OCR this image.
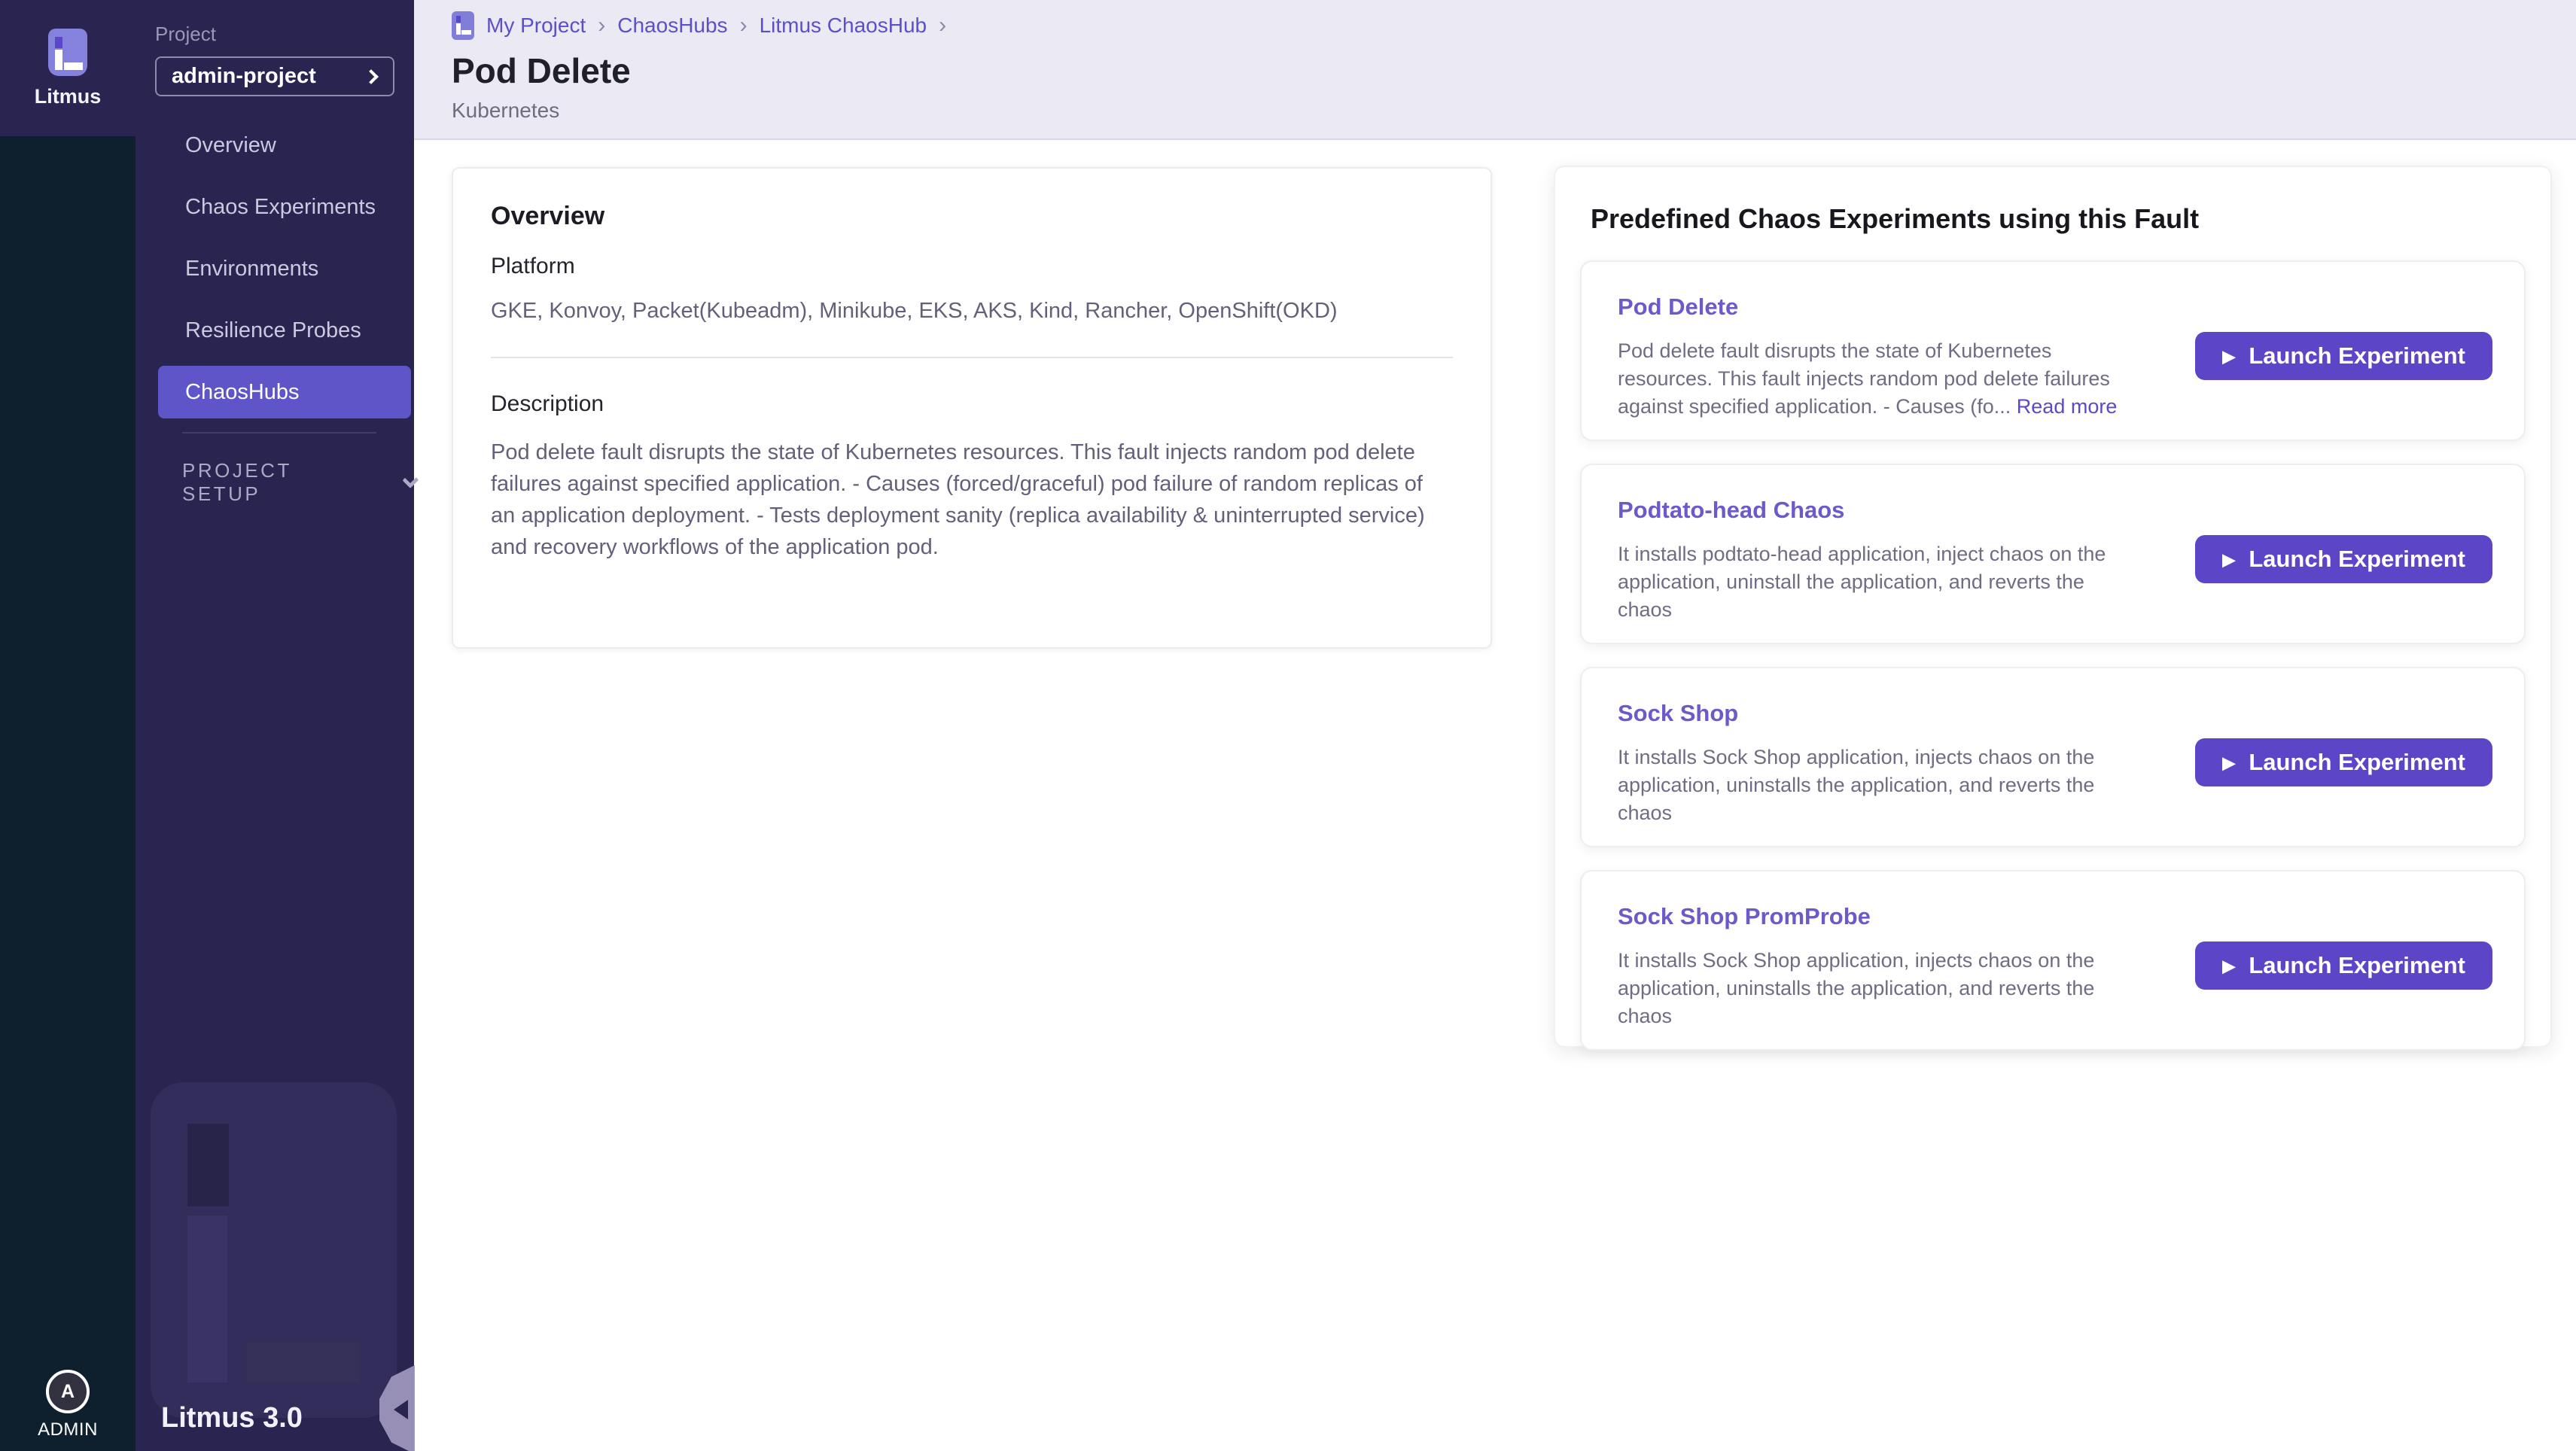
Litmus
A
ADMIN
Project
admin-project
Overview
Chaos Experiments
Environments
Resilience Probes
ChaosHubs
PROJECT SETUP
Litmus 3.0
My Project › ChaosHubs › Litmus ChaosHub ›
Pod Delete
Kubernetes
Overview
Platform
GKE, Konvoy, Packet(Kubeadm), Minikube, EKS, AKS, Kind, Rancher, OpenShift(OKD)
Description

Pod delete fault disrupts the state of Kubernetes resources. This fault injects random pod delete failures against specified application. - Causes (forced/graceful) pod failure of random replicas of an application deployment. - Tests deployment sanity (replica availability & uninterrupted service) and recovery workflows of the application pod.

Predefined Chaos Experiments using this Fault
Pod Delete

Pod delete fault disrupts the state of Kubernetes resources. This fault injects random pod delete failures against specified application. - Causes (fo... Read more

▶ Launch Experiment
Podtato-head Chaos

It installs podtato-head application, inject chaos on the application, uninstall the application, and reverts the chaos

▶ Launch Experiment
Sock Shop

It installs Sock Shop application, injects chaos on the application, uninstalls the application, and reverts the chaos

▶ Launch Experiment
Sock Shop PromProbe

It installs Sock Shop application, injects chaos on the application, uninstalls the application, and reverts the chaos

▶ Launch Experiment
